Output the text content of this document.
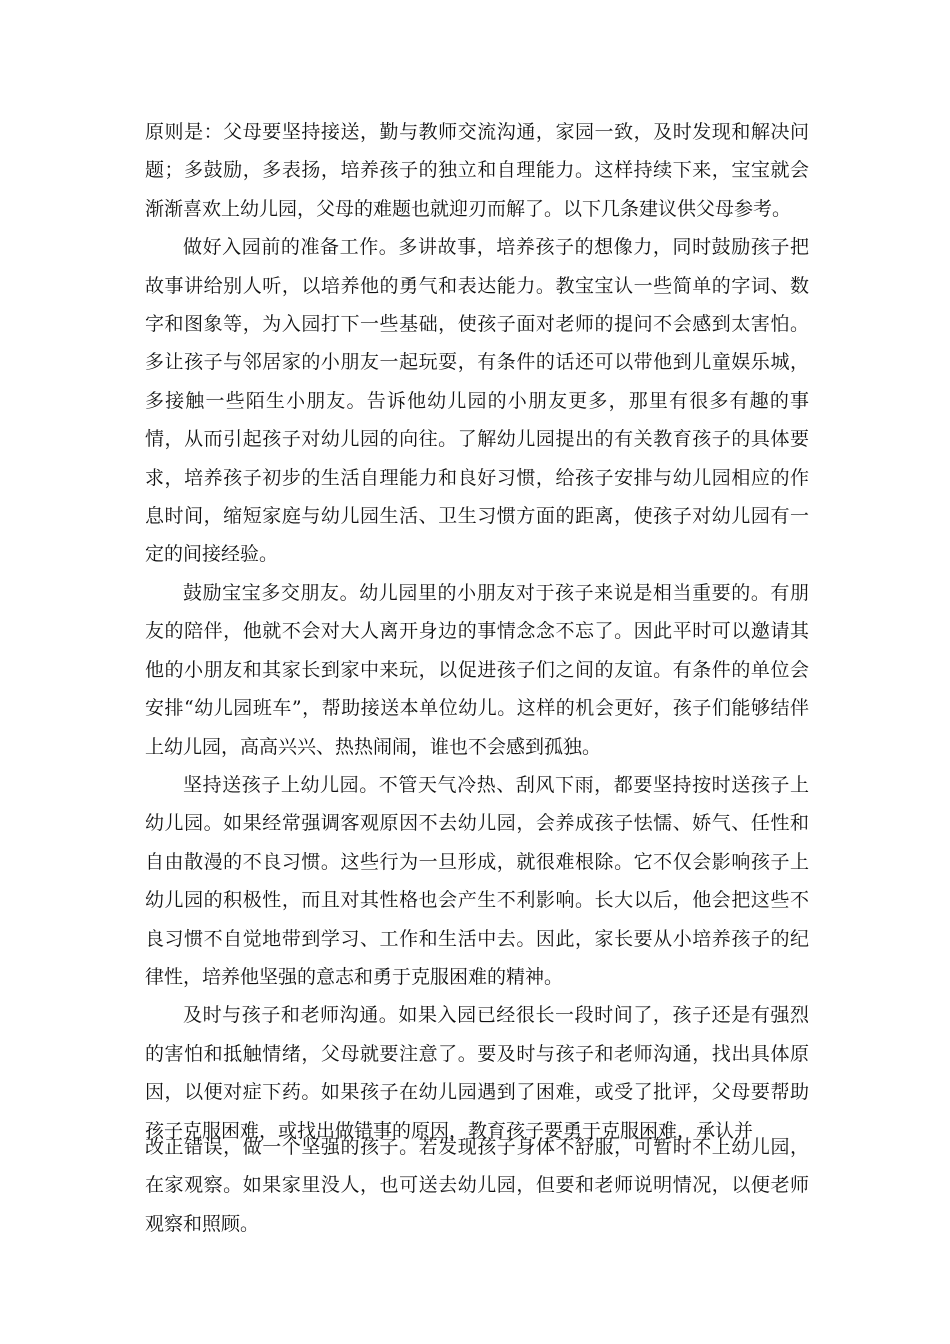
原则是：父母要坚持接送，勤与教师交流沟通，家园一致，及时发现和解决问题；多鼓励，多表扬，培养孩子的独立和自理能力。这样持续下来，宝宝就会渐渐喜欢上幼儿园，父母的难题也就迎刃而解了。以下几条建议供父母参考。

做好入园前的准备工作。多讲故事，培养孩子的想像力，同时鼓励孩子把故事讲给别人听，以培养他的勇气和表达能力。教宝宝认一些简单的字词、数字和图象等，为入园打下一些基础，使孩子面对老师的提问不会感到太害怕。多让孩子与邻居家的小朋友一起玩耍，有条件的话还可以带他到儿童娱乐城，多接触一些陌生小朋友。告诉他幼儿园的小朋友更多，那里有很多有趣的事情，从而引起孩子对幼儿园的向往。了解幼儿园提出的有关教育孩子的具体要求，培养孩子初步的生活自理能力和良好习惯，给孩子安排与幼儿园相应的作息时间，缩短家庭与幼儿园生活、卫生习惯方面的距离，使孩子对幼儿园有一定的间接经验。

鼓励宝宝多交朋友。幼儿园里的小朋友对于孩子来说是相当重要的。有朋友的陪伴，他就不会对大人离开身边的事情念念不忘了。因此平时可以邀请其他的小朋友和其家长到家中来玩，以促进孩子们之间的友谊。有条件的单位会安排“幼儿园班车”，帮助接送本单位幼儿。这样的机会更好，孩子们能够结伴上幼儿园，高高兴兴、热热闹闹，谁也不会感到孤独。

坚持送孩子上幼儿园。不管天气冷热、刮风下雨，都要坚持按时送孩子上幼儿园。如果经常强调客观原因不去幼儿园，会养成孩子怯懦、娇气、任性和自由散漫的不良习惯。这些行为一旦形成，就很难根除。它不仅会影响孩子上幼儿园的积极性，而且对其性格也会产生不利影响。长大以后，他会把这些不良习惯不自觉地带到学习、工作和生活中去。因此，家长要从小培养孩子的纪律性，培养他坚强的意志和勇于克服困难的精神。

及时与孩子和老师沟通。如果入园已经很长一段时间了，孩子还是有强烈的害怕和抵触情绪，父母就要注意了。要及时与孩子和老师沟通，找出具体原因，以便对症下药。如果孩子在幼儿园遇到了困难，或受了批评，父母要帮助孩子克服困难，或找出做错事的原因，教育孩子要勇于克服困难，承认并

改正错误，做一个坚强的孩子。若发现孩子身体不舒服，可暂时不上幼儿园，在家观察。如果家里没人，也可送去幼儿园，但要和老师说明情况，以便老师观察和照顾。
